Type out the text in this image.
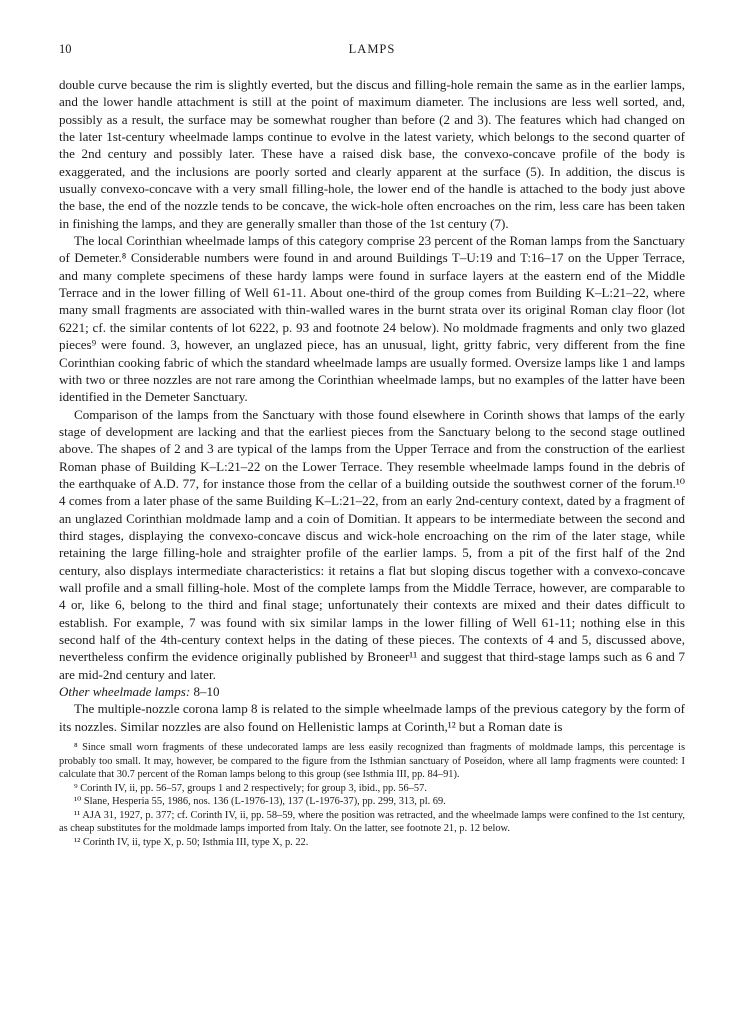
10	LAMPS

double curve because the rim is slightly everted, but the discus and filling-hole remain the same as in the earlier lamps, and the lower handle attachment is still at the point of maximum diameter. The inclusions are less well sorted, and, possibly as a result, the surface may be somewhat rougher than before (2 and 3). The features which had changed on the later 1st-century wheelmade lamps continue to evolve in the latest variety, which belongs to the second quarter of the 2nd century and possibly later. These have a raised disk base, the convexo-concave profile of the body is exaggerated, and the inclusions are poorly sorted and clearly apparent at the surface (5). In addition, the discus is usually convexo-concave with a very small filling-hole, the lower end of the handle is attached to the body just above the base, the end of the nozzle tends to be concave, the wick-hole often encroaches on the rim, less care has been taken in finishing the lamps, and they are generally smaller than those of the 1st century (7).

The local Corinthian wheelmade lamps of this category comprise 23 percent of the Roman lamps from the Sanctuary of Demeter.⁸ Considerable numbers were found in and around Buildings T–U:19 and T:16–17 on the Upper Terrace, and many complete specimens of these hardy lamps were found in surface layers at the eastern end of the Middle Terrace and in the lower filling of Well 61-11. About one-third of the group comes from Building K–L:21–22, where many small fragments are associated with thin-walled wares in the burnt strata over its original Roman clay floor (lot 6221; cf. the similar contents of lot 6222, p. 93 and footnote 24 below). No moldmade fragments and only two glazed pieces⁹ were found. 3, however, an unglazed piece, has an unusual, light, gritty fabric, very different from the fine Corinthian cooking fabric of which the standard wheelmade lamps are usually formed. Oversize lamps like 1 and lamps with two or three nozzles are not rare among the Corinthian wheelmade lamps, but no examples of the latter have been identified in the Demeter Sanctuary.

Comparison of the lamps from the Sanctuary with those found elsewhere in Corinth shows that lamps of the early stage of development are lacking and that the earliest pieces from the Sanctuary belong to the second stage outlined above. The shapes of 2 and 3 are typical of the lamps from the Upper Terrace and from the construction of the earliest Roman phase of Building K–L:21–22 on the Lower Terrace. They resemble wheelmade lamps found in the debris of the earthquake of A.D. 77, for instance those from the cellar of a building outside the southwest corner of the forum.¹⁰ 4 comes from a later phase of the same Building K–L:21–22, from an early 2nd-century context, dated by a fragment of an unglazed Corinthian moldmade lamp and a coin of Domitian. It appears to be intermediate between the second and third stages, displaying the convexo-concave discus and wick-hole encroaching on the rim of the later stage, while retaining the large filling-hole and straighter profile of the earlier lamps. 5, from a pit of the first half of the 2nd century, also displays intermediate characteristics: it retains a flat but sloping discus together with a convexo-concave wall profile and a small filling-hole. Most of the complete lamps from the Middle Terrace, however, are comparable to 4 or, like 6, belong to the third and final stage; unfortunately their contexts are mixed and their dates difficult to establish. For example, 7 was found with six similar lamps in the lower filling of Well 61-11; nothing else in this second half of the 4th-century context helps in the dating of these pieces. The contexts of 4 and 5, discussed above, nevertheless confirm the evidence originally published by Broneer¹¹ and suggest that third-stage lamps such as 6 and 7 are mid-2nd century and later.

Other wheelmade lamps: 8–10

The multiple-nozzle corona lamp 8 is related to the simple wheelmade lamps of the previous category by the form of its nozzles. Similar nozzles are also found on Hellenistic lamps at Corinth,¹² but a Roman date is

⁸ Since small worn fragments of these undecorated lamps are less easily recognized than fragments of moldmade lamps, this percentage is probably too small. It may, however, be compared to the figure from the Isthmian sanctuary of Poseidon, where all lamp fragments were counted: I calculate that 30.7 percent of the Roman lamps belong to this group (see Isthmia III, pp. 84–91).

⁹ Corinth IV, ii, pp. 56–57, groups 1 and 2 respectively; for group 3, ibid., pp. 56–57.

¹⁰ Slane, Hesperia 55, 1986, nos. 136 (L-1976-13), 137 (L-1976-37), pp. 299, 313, pl. 69.

¹¹ AJA 31, 1927, p. 377; cf. Corinth IV, ii, pp. 58–59, where the position was retracted, and the wheelmade lamps were confined to the 1st century, as cheap substitutes for the moldmade lamps imported from Italy. On the latter, see footnote 21, p. 12 below.

¹² Corinth IV, ii, type X, p. 50; Isthmia III, type X, p. 22.
